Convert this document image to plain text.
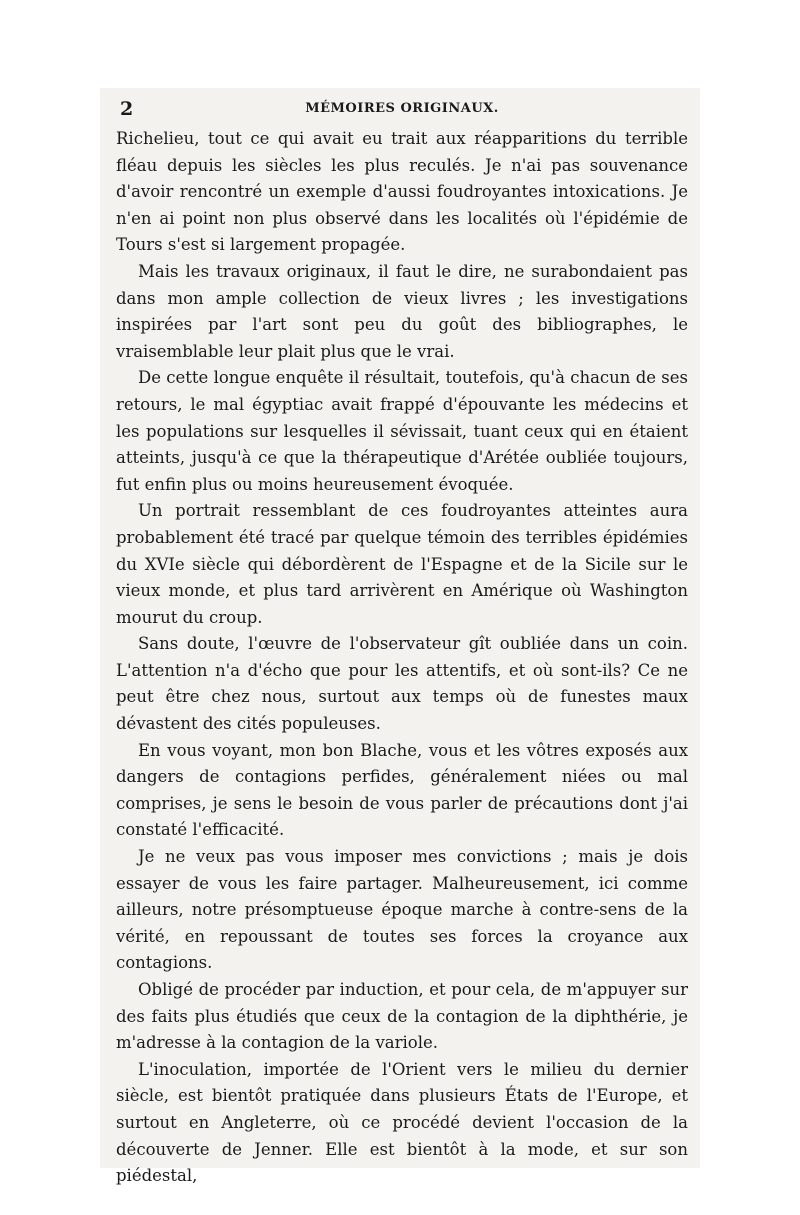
2	MÉMOIRES ORIGINAUX.

Richelieu, tout ce qui avait eu trait aux réapparitions du terrible fléau depuis les siècles les plus reculés. Je n'ai pas souvenance d'avoir rencontré un exemple d'aussi foudroyantes intoxications. Je n'en ai point non plus observé dans les localités où l'épidémie de Tours s'est si largement propagée.

Mais les travaux originaux, il faut le dire, ne surabondaient pas dans mon ample collection de vieux livres ; les investigations inspirées par l'art sont peu du goût des bibliographes, le vraisemblable leur plait plus que le vrai.

De cette longue enquête il résultait, toutefois, qu'à chacun de ses retours, le mal égyptiac avait frappé d'épouvante les médecins et les populations sur lesquelles il sévissait, tuant ceux qui en étaient atteints, jusqu'à ce que la thérapeutique d'Arétée oubliée toujours, fut enfin plus ou moins heureusement évoquée.

Un portrait ressemblant de ces foudroyantes atteintes aura probablement été tracé par quelque témoin des terribles épidémies du XVIe siècle qui débordèrent de l'Espagne et de la Sicile sur le vieux monde, et plus tard arrivèrent en Amérique où Washington mourut du croup.

Sans doute, l'œuvre de l'observateur gît oubliée dans un coin. L'attention n'a d'écho que pour les attentifs, et où sont-ils? Ce ne peut être chez nous, surtout aux temps où de funestes maux dévastent des cités populeuses.

En vous voyant, mon bon Blache, vous et les vôtres exposés aux dangers de contagions perfides, généralement niées ou mal comprises, je sens le besoin de vous parler de précautions dont j'ai constaté l'efficacité.

Je ne veux pas vous imposer mes convictions ; mais je dois essayer de vous les faire partager. Malheureusement, ici comme ailleurs, notre présomptueuse époque marche à contre-sens de la vérité, en repoussant de toutes ses forces la croyance aux contagions.

Obligé de procéder par induction, et pour cela, de m'appuyer sur des faits plus étudiés que ceux de la contagion de la diphthérie, je m'adresse à la contagion de la variole.

L'inoculation, importée de l'Orient vers le milieu du dernier siècle, est bientôt pratiquée dans plusieurs États de l'Europe, et surtout en Angleterre, où ce procédé devient l'occasion de la découverte de Jenner. Elle est bientôt à la mode, et sur son piédestal,
